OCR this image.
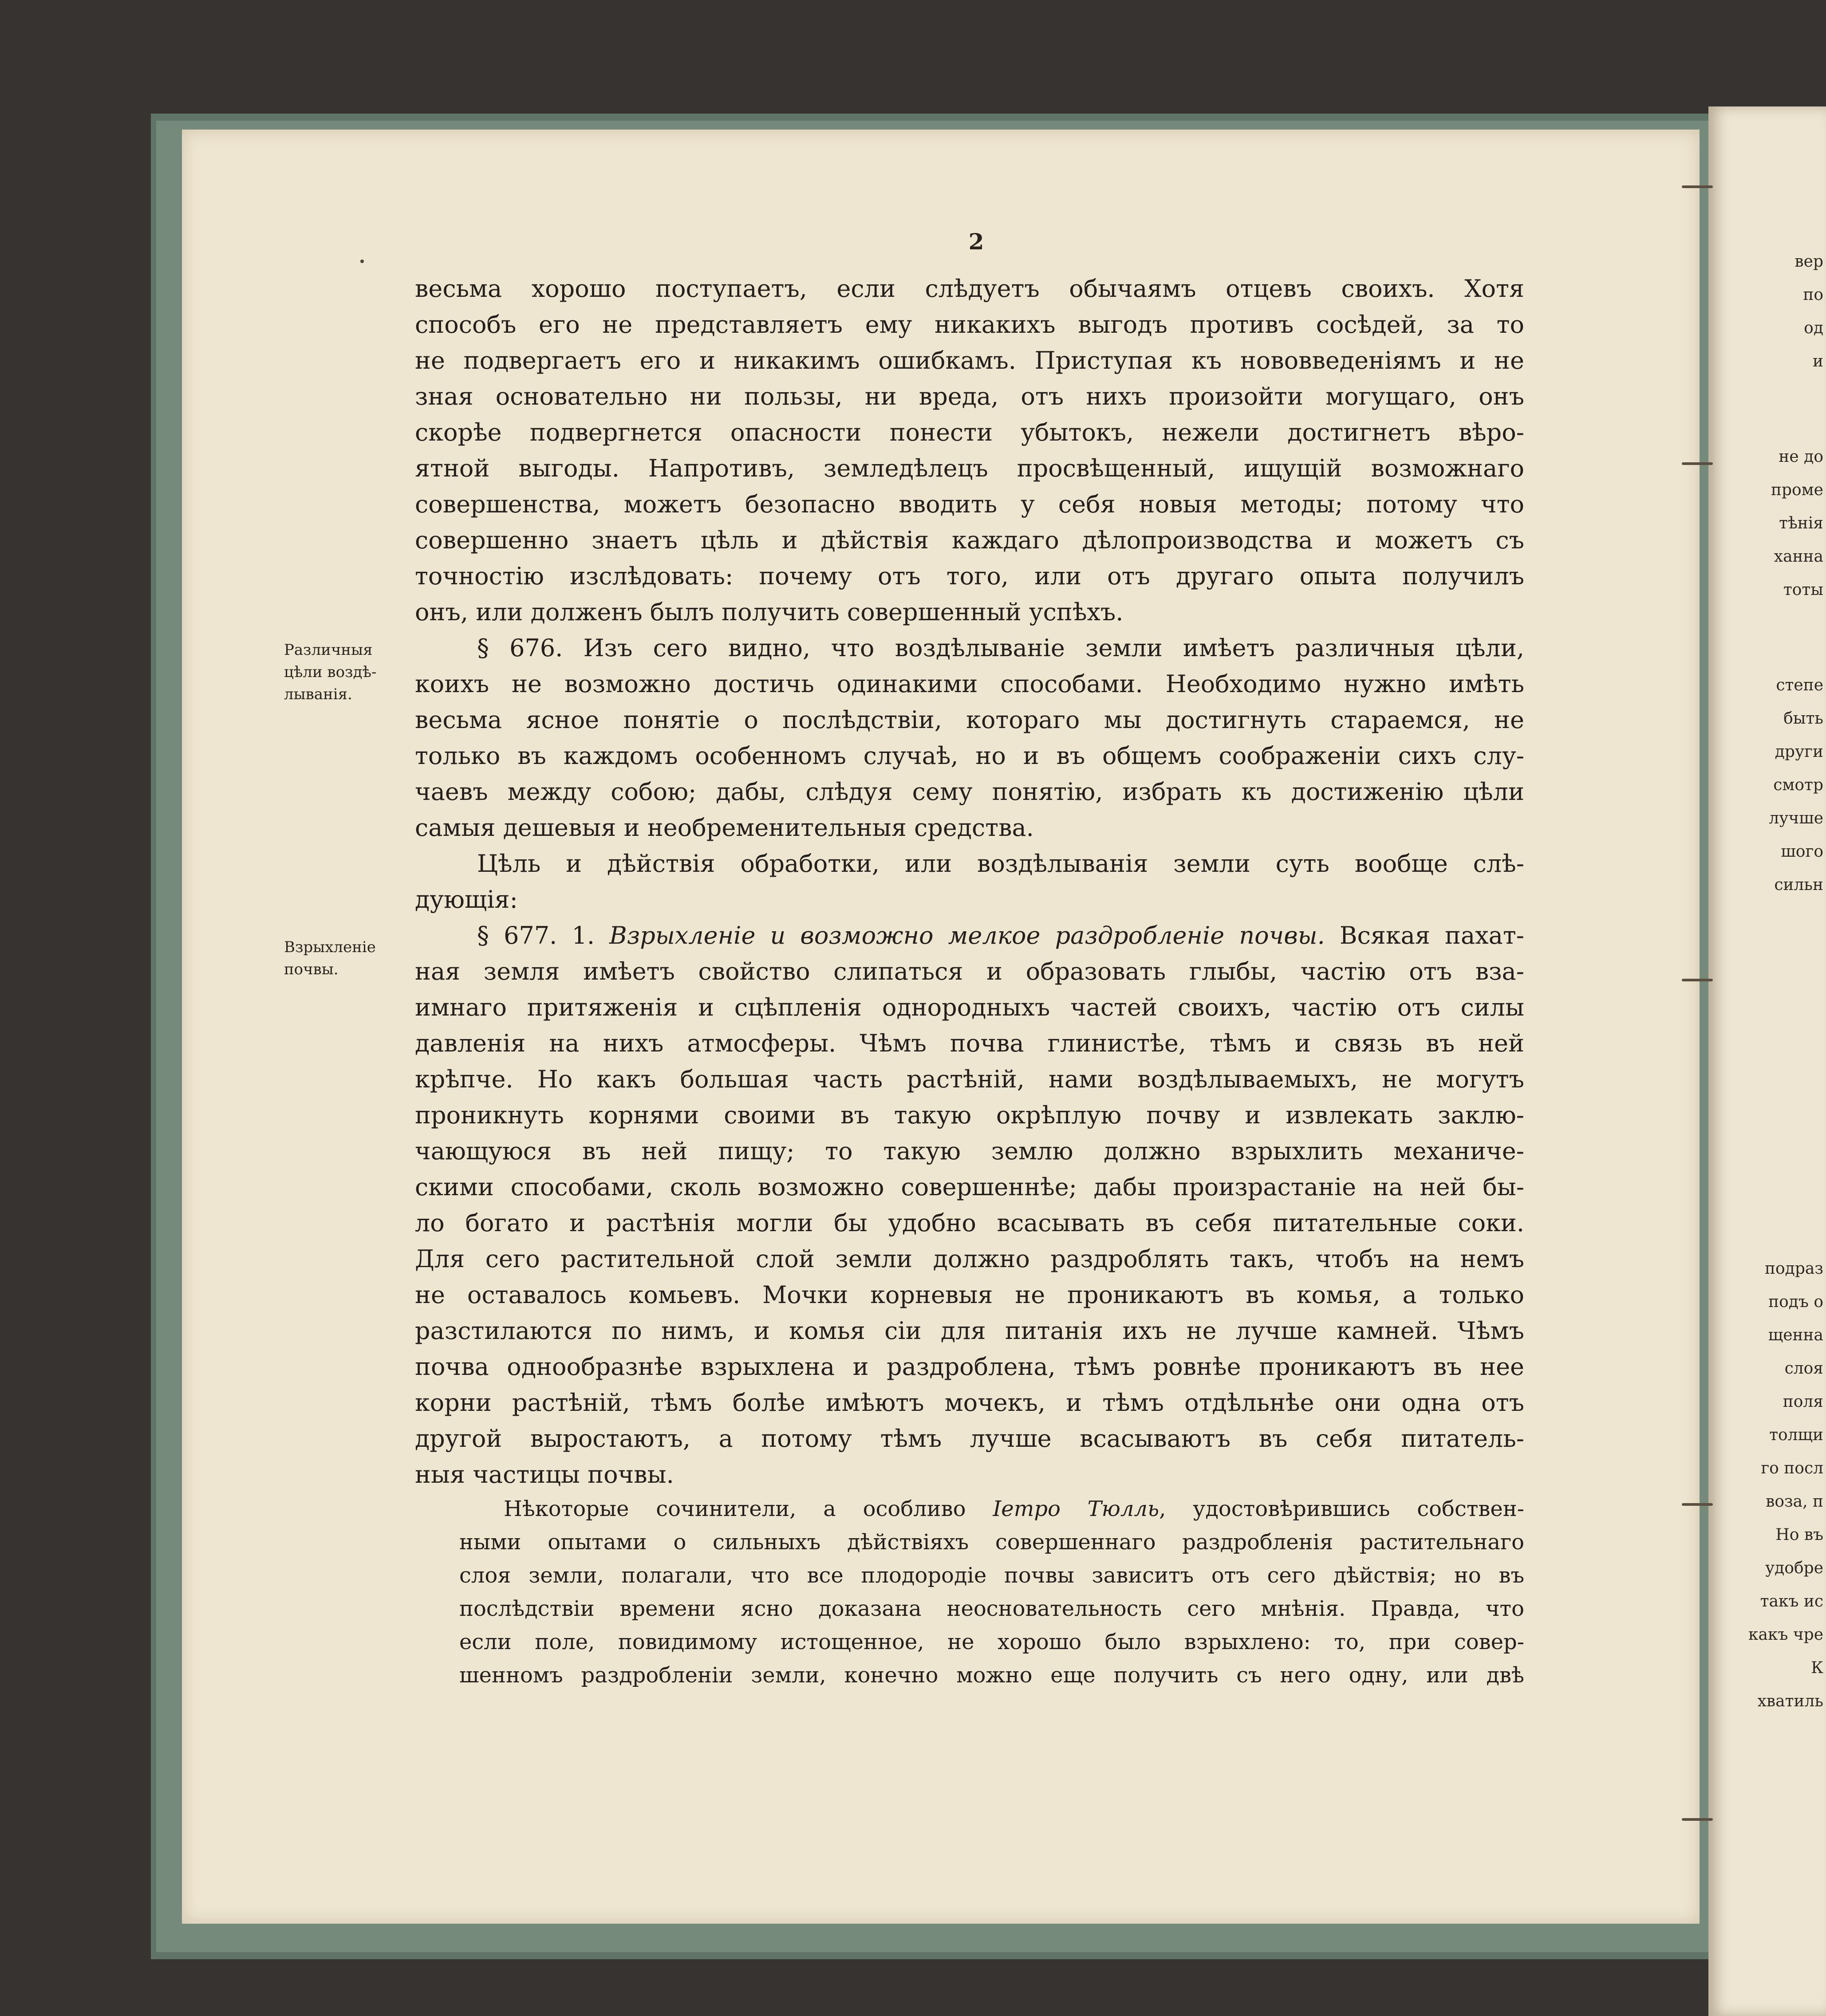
вер
по
од
и
не до
проме
тѣнія
ханна
тоты
степе
быть
други
смотр
лучше
шого
сильн
подраз
подъ о
щенна
слоя
поля
толщи
го посл
воза, п
Но въ
удобре
такъ ис
какъ чре
К
хватиль
2
Различныя
цѣли воздѣ-
лыванія.
Взрыхленіе
почвы.
весьма хорошо поступаетъ, если слѣдуетъ обычаямъ отцевъ своихъ. Хотя
способъ его не представляетъ ему никакихъ выгодъ противъ сосѣдей, за то
не подвергаетъ его и никакимъ ошибкамъ. Приступая къ нововведеніямъ и не
зная основательно ни пользы, ни вреда, отъ нихъ произойти могущаго, онъ
скорѣе подвергнется опасности понести убытокъ, нежели достигнетъ вѣро-
ятной выгоды. Напротивъ, земледѣлецъ просвѣщенный, ищущій возможнаго
совершенства, можетъ безопасно вводить у себя новыя методы; потому что
совершенно знаетъ цѣль и дѣйствія каждаго дѣлопроизводства и можетъ съ
точностію изслѣдовать: почему отъ того, или отъ другаго опыта получилъ
онъ, или долженъ былъ получить совершенный успѣхъ.
§ 676. Изъ сего видно, что воздѣлываніе земли имѣетъ различныя цѣли,
коихъ не возможно достичь одинакими способами. Необходимо нужно имѣть
весьма ясное понятіе о послѣдствіи, котораго мы достигнуть стараемся, не
только въ каждомъ особенномъ случаѣ, но и въ общемъ соображеніи сихъ слу-
чаевъ между собою; дабы, слѣдуя сему понятію, избрать къ достиженію цѣли
самыя дешевыя и необременительныя средства.
Цѣль и дѣйствія обработки, или воздѣлыванія земли суть вообще слѣ-
дующія:
§ 677. 1. Взрыхленіе и возможно мелкое раздробленіе почвы. Всякая пахат-
ная земля имѣетъ свойство слипаться и образовать глыбы, частію отъ вза-
имнаго притяженія и сцѣпленія однородныхъ частей своихъ, частію отъ силы
давленія на нихъ атмосферы. Чѣмъ почва глинистѣе, тѣмъ и связь въ ней
крѣпче. Но какъ большая часть растѣній, нами воздѣлываемыхъ, не могутъ
проникнуть корнями своими въ такую окрѣплую почву и извлекать заклю-
чающуюся въ ней пищу; то такую землю должно взрыхлить механиче-
скими способами, сколь возможно совершеннѣе; дабы произрастаніе на ней бы-
ло богато и растѣнія могли бы удобно всасывать въ себя питательные соки.
Для сего растительной слой земли должно раздроблять такъ, чтобъ на немъ
не оставалось комьевъ. Мочки корневыя не проникаютъ въ комья, а только
разстилаются по нимъ, и комья сіи для питанія ихъ не лучше камней. Чѣмъ
почва однообразнѣе взрыхлена и раздроблена, тѣмъ ровнѣе проникаютъ въ нее
корни растѣній, тѣмъ болѣе имѣютъ мочекъ, и тѣмъ отдѣльнѣе они одна отъ
другой выростаютъ, а потому тѣмъ лучше всасываютъ въ себя питатель-
ныя частицы почвы.
Нѣкоторые сочинители, а особливо Іетро Тюлль, удостовѣрившись собствен-
ными опытами о сильныхъ дѣйствіяхъ совершеннаго раздробленія растительнаго
слоя земли, полагали, что все плодородіе почвы зависитъ отъ сего дѣйствія; но въ
послѣдствіи времени ясно доказана неосновательность сего мнѣнія. Правда, что
если поле, повидимому истощенное, не хорошо было взрыхлено: то, при совер-
шенномъ раздробленіи земли, конечно можно еще получить съ него одну, или двѣ
